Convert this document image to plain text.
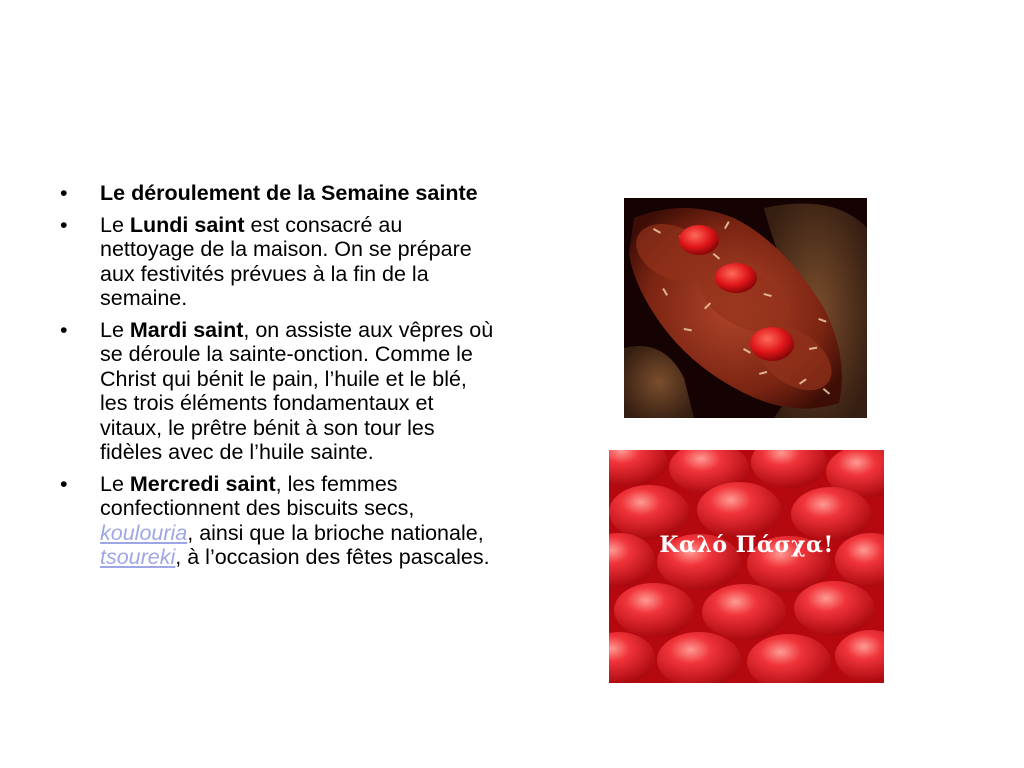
• Le déroulement de la Semaine sainte
• Le Lundi saint est consacré au nettoyage de la maison. On se prépare aux festivités prévues à la fin de la semaine.
• Le Mardi saint, on assiste aux vêpres où se déroule la sainte-onction. Comme le Christ qui bénit le pain, l’huile et le blé, les trois éléments fondamentaux et vitaux, le prêtre bénit à son tour les fidèles avec de l’huile sainte.
• Le Mercredi saint, les femmes confectionnent des biscuits secs, koulouria, ainsi que la brioche nationale, tsoureki, à l’occasion des fêtes pascales.	Καλό Πάσχα!
